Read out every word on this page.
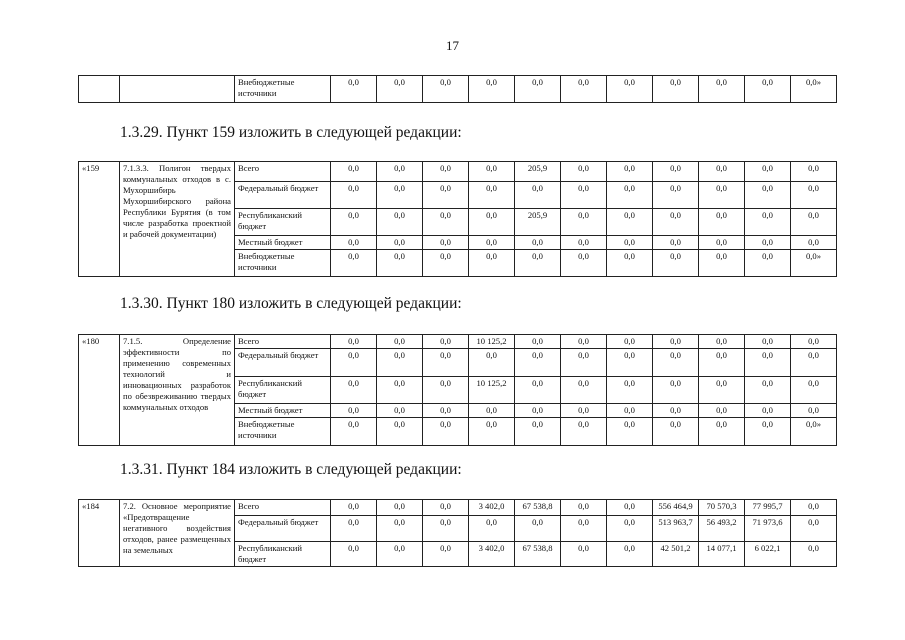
17
		Внебюджетные источники	0,0	0,0	0,0	0,0	0,0	0,0	0,0	0,0	0,0	0,0	0,0»
1.3.29. Пункт 159 изложить в следующей редакции:
«159	7.1.3.3. Полигон твердых коммунальных отходов в с. Мухоршибирь Мухоршибирского района Республики Бурятия (в том числе разработка проектной и рабочей документации)	Всего	0,0	0,0	0,0	0,0	205,9	0,0	0,0	0,0	0,0	0,0	0,0
		Федеральный бюджет	0,0	0,0	0,0	0,0	0,0	0,0	0,0	0,0	0,0	0,0	0,0
		Республиканский бюджет	0,0	0,0	0,0	0,0	205,9	0,0	0,0	0,0	0,0	0,0	0,0
		Местный бюджет	0,0	0,0	0,0	0,0	0,0	0,0	0,0	0,0	0,0	0,0	0,0
		Внебюджетные источники	0,0	0,0	0,0	0,0	0,0	0,0	0,0	0,0	0,0	0,0	0,0»
1.3.30. Пункт 180 изложить в следующей редакции:
«180	7.1.5. Определение эффективности по применению современных технологий и инновационных разработок по обезвреживанию твердых коммунальных отходов	Всего	0,0	0,0	0,0	10 125,2	0,0	0,0	0,0	0,0	0,0	0,0	0,0
		Федеральный бюджет	0,0	0,0	0,0	0,0	0,0	0,0	0,0	0,0	0,0	0,0	0,0
		Республиканский бюджет	0,0	0,0	0,0	10 125,2	0,0	0,0	0,0	0,0	0,0	0,0	0,0
		Местный бюджет	0,0	0,0	0,0	0,0	0,0	0,0	0,0	0,0	0,0	0,0	0,0
		Внебюджетные источники	0,0	0,0	0,0	0,0	0,0	0,0	0,0	0,0	0,0	0,0	0,0»
1.3.31. Пункт 184 изложить в следующей редакции:
«184	7.2. Основное мероприятие «Предотвращение негативного воздействия отходов, ранее размещенных на земельных	Всего	0,0	0,0	0,0	3 402,0	67 538,8	0,0	0,0	556 464,9	70 570,3	77 995,7	0,0
		Федеральный бюджет	0,0	0,0	0,0	0,0	0,0	0,0	0,0	513 963,7	56 493,2	71 973,6	0,0
		Республиканский бюджет	0,0	0,0	0,0	3 402,0	67 538,8	0,0	0,0	42 501,2	14 077,1	6 022,1	0,0
